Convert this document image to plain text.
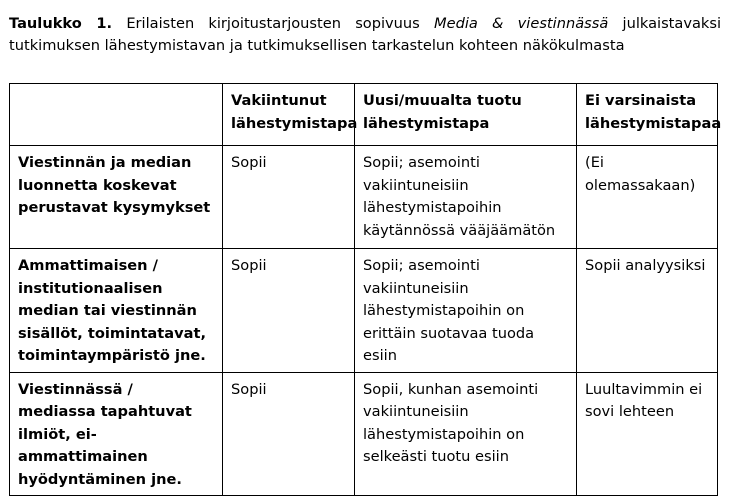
Taulukko 1. Erilaisten kirjoitustarjousten sopivuus Media & viestinnässä julkaistavaksi tutkimuksen lähestymistavan ja tutkimuksellisen tarkastelun kohteen näkökulmasta
	Vakiintunut lähestymistapa	Uusi/muualta tuotu lähestymistapa	Ei varsinaista lähestymistapaa
Viestinnän ja median luonnetta koskevat perustavat kysymykset	Sopii	Sopii; asemointi vakiintuneisiin lähestymistapoihin käytännössä vääjäämätön	(Ei olemassakaan)
Ammattimaisen / institutionaalisen median tai viestinnän sisällöt, toimintatavat, toimintaympäristö jne.	Sopii	Sopii; asemointi vakiintuneisiin lähestymistapoihin on erittäin suotavaa tuoda esiin	Sopii analyysiksi
Viestinnässä / mediassa tapahtuvat ilmiöt, ei-ammattimainen hyödyntäminen jne.	Sopii	Sopii, kunhan asemointi vakiintuneisiin lähestymistapoihin on selkeästi tuotu esiin	Luultavimmin ei sovi lehteen
